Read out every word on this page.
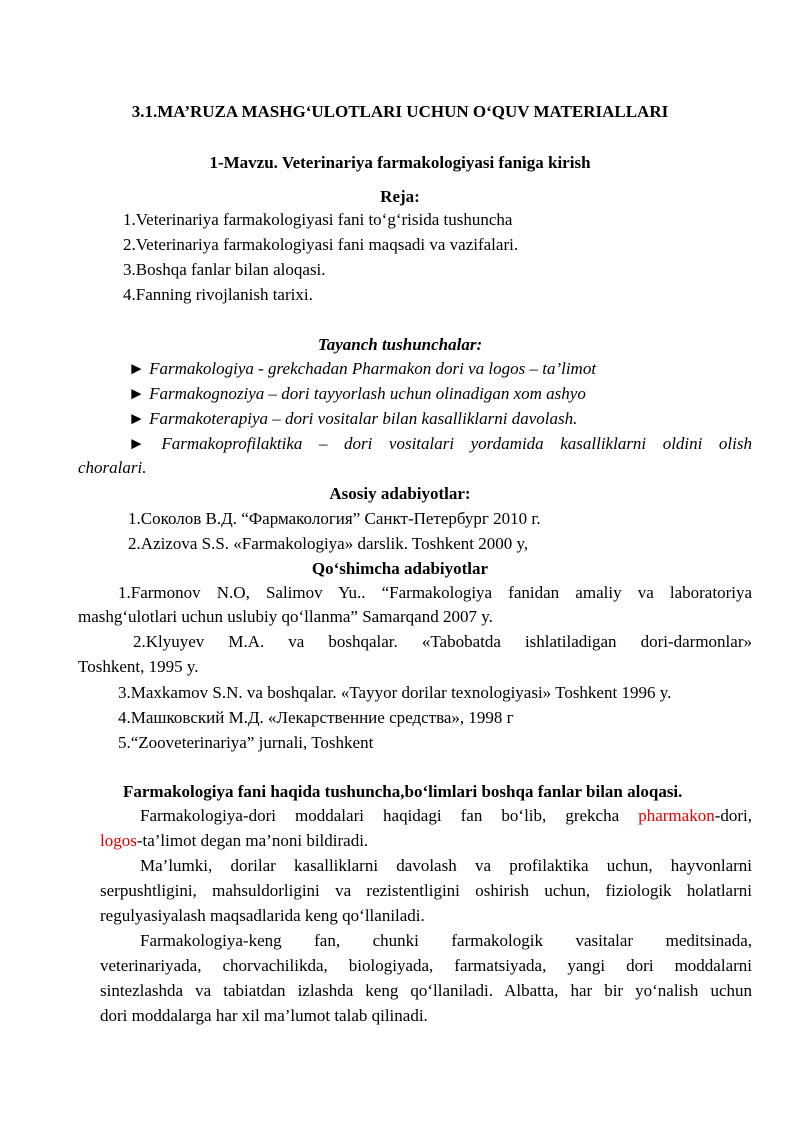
3.1.MA’RUZA MASHG‘ULOTLARI UCHUN O‘QUV MATERIALLARI
1-Mavzu. Veterinariya farmakologiyasi faniga kirish
Reja:
1.Veterinariya farmakologiyasi fani to‘g‘risida tushuncha
2.Veterinariya farmakologiyasi fani maqsadi va vazifalari.
3.Boshqa fanlar bilan aloqasi.
4.Fanning rivojlanish tarixi.
Tayanch tushunchalar:
► Farmakologiya - grekchadan Pharmakon dori va logos – ta’limot
► Farmakognoziya – dori tayyorlash uchun olinadigan xom ashyo
► Farmakoterapiya – dori vositalar bilan kasalliklarni davolash.
► Farmakoprofilaktika – dori vositalari yordamida kasalliklarni oldini olish
choralari.
Asosiy adabiyotlar:
1.Соколов В.Д. “Фармакология” Санкт-Петербург 2010 г.
2.Azizova S.S. «Farmakologiya» darslik. Toshkent 2000 y,
Qo‘shimcha adabiyotlar
1.Farmonov N.O, Salimov Yu.. “Farmakologiya fanidan amaliy va laboratoriya
mashg‘ulotlari uchun uslubiy qo‘llanma” Samarqand 2007 y.
2.Klyuyev M.A. va boshqalar. «Tabobatda ishlatiladigan dori-darmonlar»
Toshkent, 1995 y.
3.Maxkamov S.N. va boshqalar. «Tayyor dorilar texnologiyasi» Toshkent 1996 y.
4.Машковский М.Д. «Лекарственние средства», 1998 г
5.“Zooveterinariya” jurnali, Toshkent
Farmakologiya fani haqida tushuncha,bo‘limlari boshqa fanlar bilan aloqasi.
Farmakologiya-dori moddalari haqidagi fan bo‘lib, grekcha pharmakon-dori,
logos-ta’limot degan ma’noni bildiradi.
Ma’lumki, dorilar kasalliklarni davolash va profilaktika uchun, hayvonlarni
serpushtligini, mahsuldorligini va rezistentligini oshirish uchun, fiziologik holatlarni
regulyasiyalash maqsadlarida keng qo‘llaniladi.
Farmakologiya-keng fan, chunki farmakologik vasitalar meditsinada,
veterinariyada, chorvachilikda, biologiyada, farmatsiyada, yangi dori moddalarni
sintezlashda va tabiatdan izlashda keng qo‘llaniladi. Albatta, har bir yo‘nalish uchun
dori moddalarga har xil ma’lumot talab qilinadi.
